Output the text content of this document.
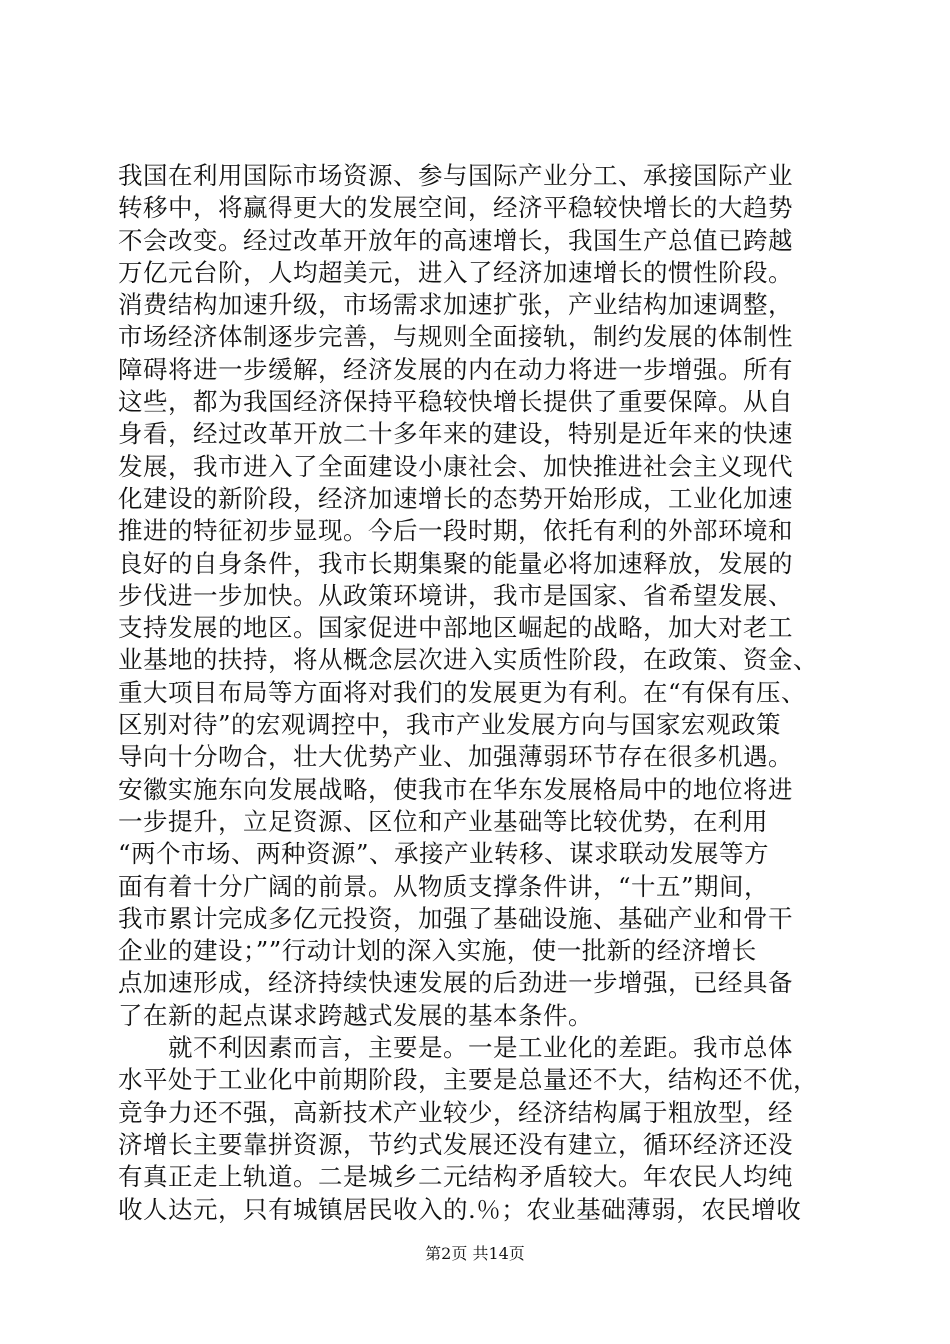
我国在利用国际市场资源、参与国际产业分工、承接国际产业
转移中，将赢得更大的发展空间，经济平稳较快增长的大趋势
不会改变。经过改革开放年的高速增长，我国生产总值已跨越
万亿元台阶，人均超美元，进入了经济加速增长的惯性阶段。
消费结构加速升级，市场需求加速扩张，产业结构加速调整，
市场经济体制逐步完善，与规则全面接轨，制约发展的体制性
障碍将进一步缓解，经济发展的内在动力将进一步增强。所有
这些，都为我国经济保持平稳较快增长提供了重要保障。从自
身看，经过改革开放二十多年来的建设，特别是近年来的快速
发展，我市进入了全面建设小康社会、加快推进社会主义现代
化建设的新阶段，经济加速增长的态势开始形成，工业化加速
推进的特征初步显现。今后一段时期，依托有利的外部环境和
良好的自身条件，我市长期集聚的能量必将加速释放，发展的
步伐进一步加快。从政策环境讲，我市是国家、省希望发展、
支持发展的地区。国家促进中部地区崛起的战略，加大对老工
业基地的扶持，将从概念层次进入实质性阶段，在政策、资金、
重大项目布局等方面将对我们的发展更为有利。在“有保有压、
区别对待”的宏观调控中，我市产业发展方向与国家宏观政策
导向十分吻合，壮大优势产业、加强薄弱环节存在很多机遇。
安徽实施东向发展战略，使我市在华东发展格局中的地位将进
一步提升，立足资源、区位和产业基础等比较优势，在利用
“两个市场、两种资源”、承接产业转移、谋求联动发展等方
面有着十分广阔的前景。从物质支撑条件讲，“十五”期间，
我市累计完成多亿元投资，加强了基础设施、基础产业和骨干
企业的建设；””行动计划的深入实施，使一批新的经济增长
点加速形成，经济持续快速发展的后劲进一步增强，已经具备
了在新的起点谋求跨越式发展的基本条件。
　　就不利因素而言，主要是。一是工业化的差距。我市总体
水平处于工业化中前期阶段，主要是总量还不大，结构还不优，
竞争力还不强，高新技术产业较少，经济结构属于粗放型，经
济增长主要靠拼资源，节约式发展还没有建立，循环经济还没
有真正走上轨道。二是城乡二元结构矛盾较大。年农民人均纯
收人达元，只有城镇居民收入的.％；农业基础薄弱，农民增收
第2页 共14页
